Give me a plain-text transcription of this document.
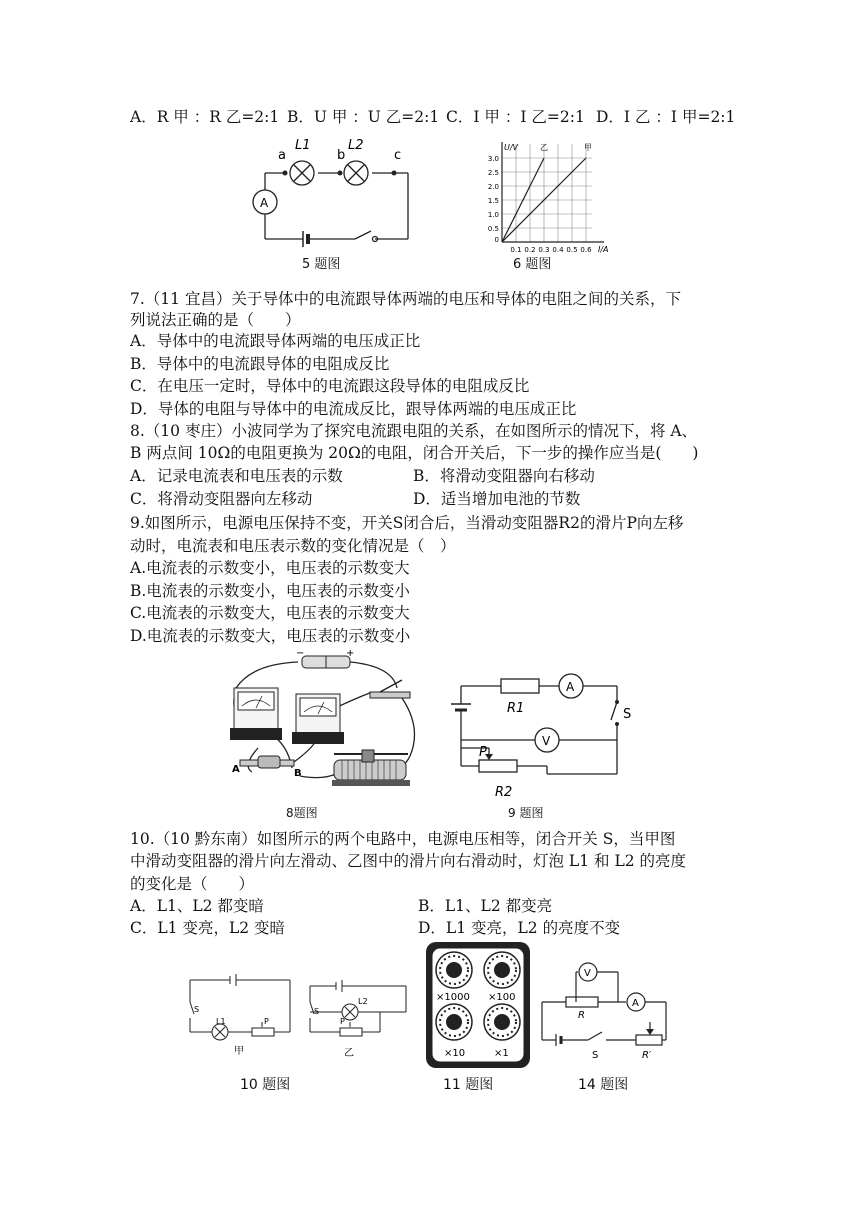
A．R 甲 ：R 乙=2:1 B．U 甲 ：U 乙=2:1 C．I 甲 ：I 乙=2:1 D．I 乙 ：I 甲=2:1
a
L1
b
L2
c
A
5 题图
U/V	乙	甲
3.0
2.5
2.0
1.5
1.0
0.5
0
0.1 0.2 0.3 0.4 0.5 0.6 I/A
6 题图
7.（11 宜昌）关于导体中的电流跟导体两端的电压和导体的电阻之间的关系，下
列说法正确的是（　　）
A．导体中的电流跟导体两端的电压成正比
B．导体中的电流跟导体的电阻成反比
C．在电压一定时，导体中的电流跟这段导体的电阻成反比
D．导体的电阻与导体中的电流成反比，跟导体两端的电压成正比
8.（10 枣庄）小波同学为了探究电流跟电阻的关系，在如图所示的情况下，将 A、
B 两点间 10Ω的电阻更换为 20Ω的电阻，闭合开关后，下一步的操作应当是(　　)
A．记录电流表和电压表的示数	B．将滑动变阻器向右移动
C．将滑动变阻器向左移动	D．适当增加电池的节数
9.如图所示，电源电压保持不变，开关S闭合后，当滑动变阻器R2的滑片P向左移
动时，电流表和电压表示数的变化情况是（　）
A.电流表的示数变小，电压表的示数变大
B.电流表的示数变小，电压表的示数变小
C.电流表的示数变大，电压表的示数变大
D.电流表的示数变大，电压表的示数变小
−	+
A	B
8题图
R1
A
S
V
P
R2
9 题图
10.（10 黔东南）如图所示的两个电路中，电源电压相等，闭合开关 S，当甲图
中滑动变阻器的滑片向左滑动、乙图中的滑片向右滑动时，灯泡 L1 和 L2 的亮度
的变化是（　　）
A．L1、L2 都变暗	B．L1、L2 都变亮
C．L1 变亮，L2 变暗	D．L1 变亮，L2 的亮度不变
S
L1	P
甲
S
L2
P
乙
10 题图
×1000 ×100
×10	×1
11 题图
V
R
A
S	R′
14 题图
